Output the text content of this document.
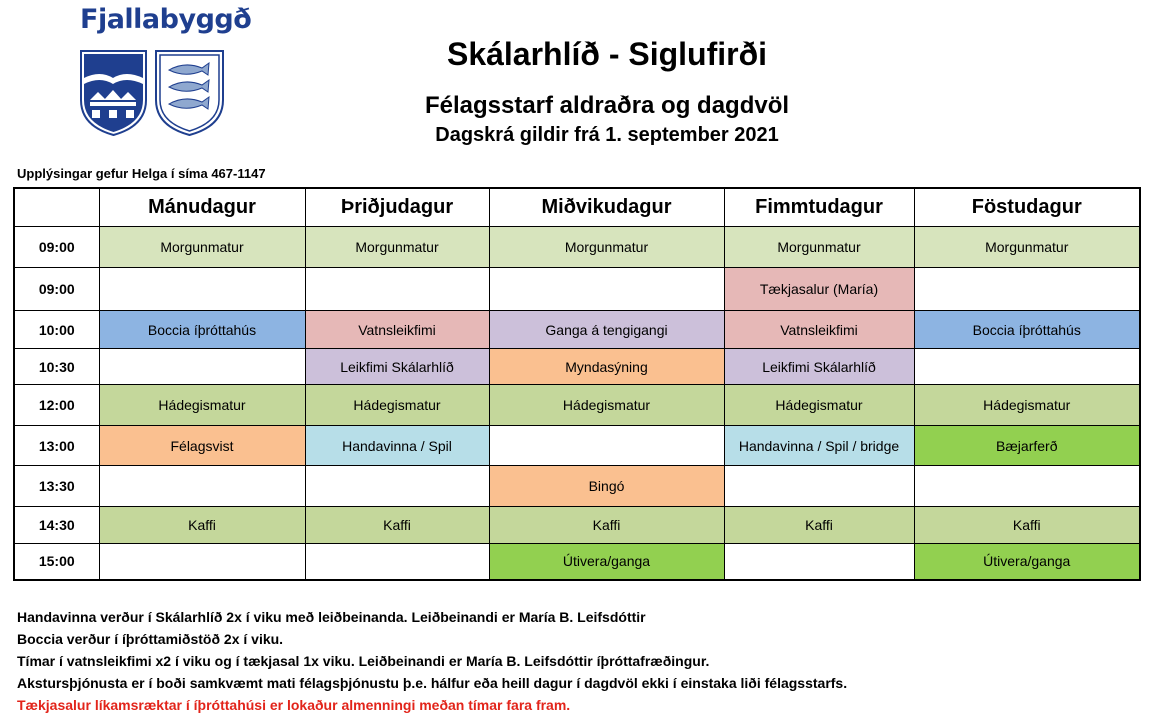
Fjallabyggð
Skálarhlíð - Siglufirði
Félagsstarf aldraðra og dagdvöl
Dagskrá gildir frá 1. september 2021
Upplýsingar gefur Helga í síma 467-1147
	Mánudagur	Þriðjudagur	Miðvikudagur	Fimmtudagur	Föstudagur
09:00	Morgunmatur	Morgunmatur	Morgunmatur	Morgunmatur	Morgunmatur
09:00				Tækjasalur (María)	
10:00	Boccia íþróttahús	Vatnsleikfimi	Ganga á tengigangi	Vatnsleikfimi	Boccia íþróttahús
10:30		Leikfimi Skálarhlíð	Myndasýning	Leikfimi Skálarhlíð	
12:00	Hádegismatur	Hádegismatur	Hádegismatur	Hádegismatur	Hádegismatur
13:00	Félagsvist	Handavinna / Spil		Handavinna / Spil / bridge	Bæjarferð
13:30			Bingó		
14:30	Kaffi	Kaffi	Kaffi	Kaffi	Kaffi
15:00			Útivera/ganga		Útivera/ganga
Handavinna verður í Skálarhlíð 2x í viku með leiðbeinanda. Leiðbeinandi er María B. Leifsdóttir
Boccia verður í íþróttamiðstöð 2x í viku.
Tímar í vatnsleikfimi x2 í viku og í tækjasal 1x viku. Leiðbeinandi er María B. Leifsdóttir íþróttafræðingur.
Akstursþjónusta er í boði samkvæmt mati félagsþjónustu þ.e. hálfur eða heill dagur í dagdvöl ekki í einstaka liði félagsstarfs.
Tækjasalur líkamsræktar í íþróttahúsi er lokaður almenningi meðan tímar fara fram.
